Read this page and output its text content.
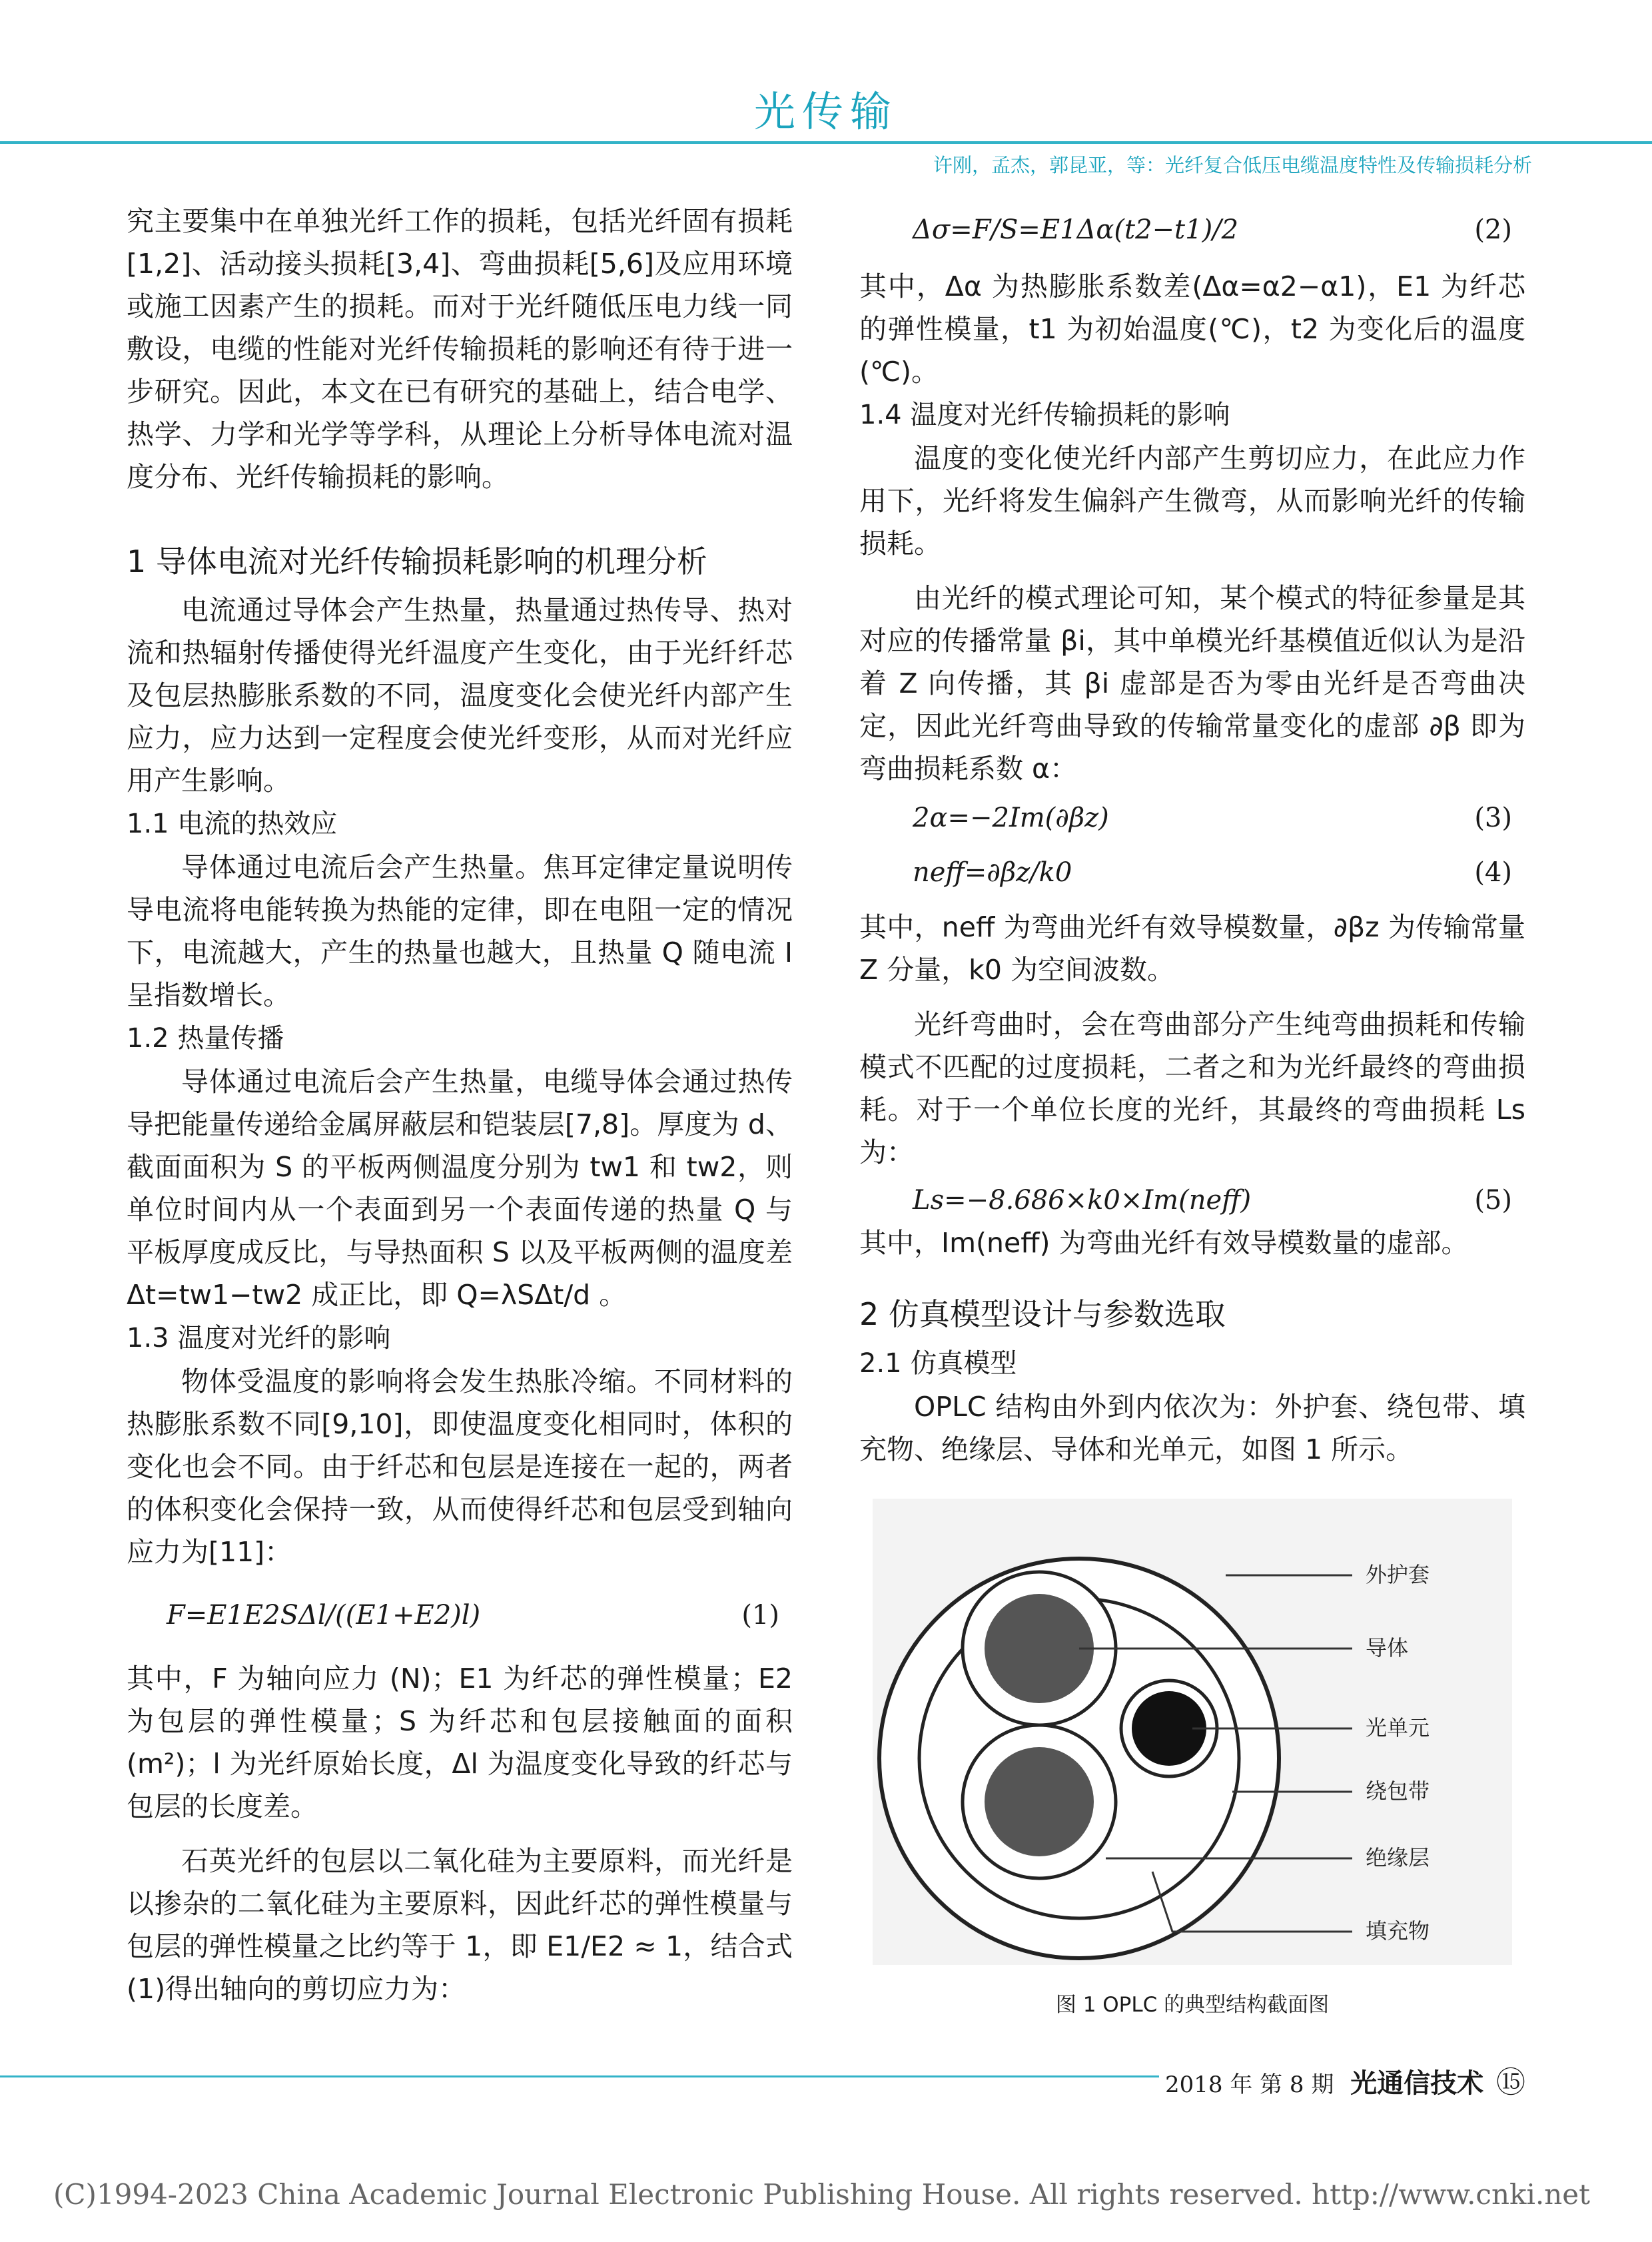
光传输
许刚，孟杰，郭昆亚，等：光纤复合低压电缆温度特性及传输损耗分析

究主要集中在单独光纤工作的损耗，包括光纤固有损耗[1,2]、活动接头损耗[3,4]、弯曲损耗[5,6]及应用环境或施工因素产生的损耗。而对于光纤随低压电力线一同敷设，电缆的性能对光纤传输损耗的影响还有待于进一步研究。因此，本文在已有研究的基础上，结合电学、热学、力学和光学等学科，从理论上分析导体电流对温度分布、光纤传输损耗的影响。

1 导体电流对光纤传输损耗影响的机理分析

电流通过导体会产生热量，热量通过热传导、热对流和热辐射传播使得光纤温度产生变化，由于光纤纤芯及包层热膨胀系数的不同，温度变化会使光纤内部产生应力，应力达到一定程度会使光纤变形，从而对光纤应用产生影响。

1.1 电流的热效应

导体通过电流后会产生热量。焦耳定律定量说明传导电流将电能转换为热能的定律，即在电阻一定的情况下，电流越大，产生的热量也越大，且热量 Q 随电流 I 呈指数增长。

1.2 热量传播

导体通过电流后会产生热量，电缆导体会通过热传导把能量传递给金属屏蔽层和铠装层[7,8]。厚度为 d、截面面积为 S 的平板两侧温度分别为 tw1 和 tw2，则单位时间内从一个表面到另一个表面传递的热量 Q 与平板厚度成反比，与导热面积 S 以及平板两侧的温度差 Δt=tw1−tw2 成正比，即 Q=λSΔt/d 。

1.3 温度对光纤的影响

物体受温度的影响将会发生热胀冷缩。不同材料的热膨胀系数不同[9,10]，即使温度变化相同时，体积的变化也会不同。由于纤芯和包层是连接在一起的，两者的体积变化会保持一致，从而使得纤芯和包层受到轴向应力为[11]：

F=E1E2SΔl/((E1+E2)l)	(1)

其中，F 为轴向应力 (N)；E1 为纤芯的弹性模量；E2 为包层的弹性模量；S 为纤芯和包层接触面的面积(m²)；l 为光纤原始长度，Δl 为温度变化导致的纤芯与包层的长度差。

石英光纤的包层以二氧化硅为主要原料，而光纤是以掺杂的二氧化硅为主要原料，因此纤芯的弹性模量与包层的弹性模量之比约等于 1，即 E1/E2 ≈ 1，结合式(1)得出轴向的剪切应力为：

Δσ=F/S=E1Δα(t2−t1)/2	(2)

其中，Δα 为热膨胀系数差(Δα=α2−α1)，E1 为纤芯的弹性模量，t1 为初始温度(℃)，t2 为变化后的温度(℃)。

1.4 温度对光纤传输损耗的影响

温度的变化使光纤内部产生剪切应力，在此应力作用下，光纤将发生偏斜产生微弯，从而影响光纤的传输损耗。

由光纤的模式理论可知，某个模式的特征参量是其对应的传播常量 βi，其中单模光纤基模值近似认为是沿着 Z 向传播，其 βi 虚部是否为零由光纤是否弯曲决定，因此光纤弯曲导致的传输常量变化的虚部 ∂β 即为弯曲损耗系数 α：

2α=−2Im(∂βz)	(3)
neff=∂βz/k0	(4)

其中，neff 为弯曲光纤有效导模数量，∂βz 为传输常量 Z 分量，k0 为空间波数。

光纤弯曲时，会在弯曲部分产生纯弯曲损耗和传输模式不匹配的过度损耗，二者之和为光纤最终的弯曲损耗。对于一个单位长度的光纤，其最终的弯曲损耗 Ls 为：

Ls=−8.686×k0×Im(neff)	(5)

其中，Im(neff) 为弯曲光纤有效导模数量的虚部。

2 仿真模型设计与参数选取
2.1 仿真模型

OPLC 结构由外到内依次为：外护套、绕包带、填充物、绝缘层、导体和光单元，如图 1 所示。

外护套
导体
光单元
绕包带
绝缘层
填充物
图 1 OPLC 的典型结构截面图
2018 年 第 8 期 光通信技术 ⑮
(C)1994-2023 China Academic Journal Electronic Publishing House. All rights reserved. http://www.cnki.net
